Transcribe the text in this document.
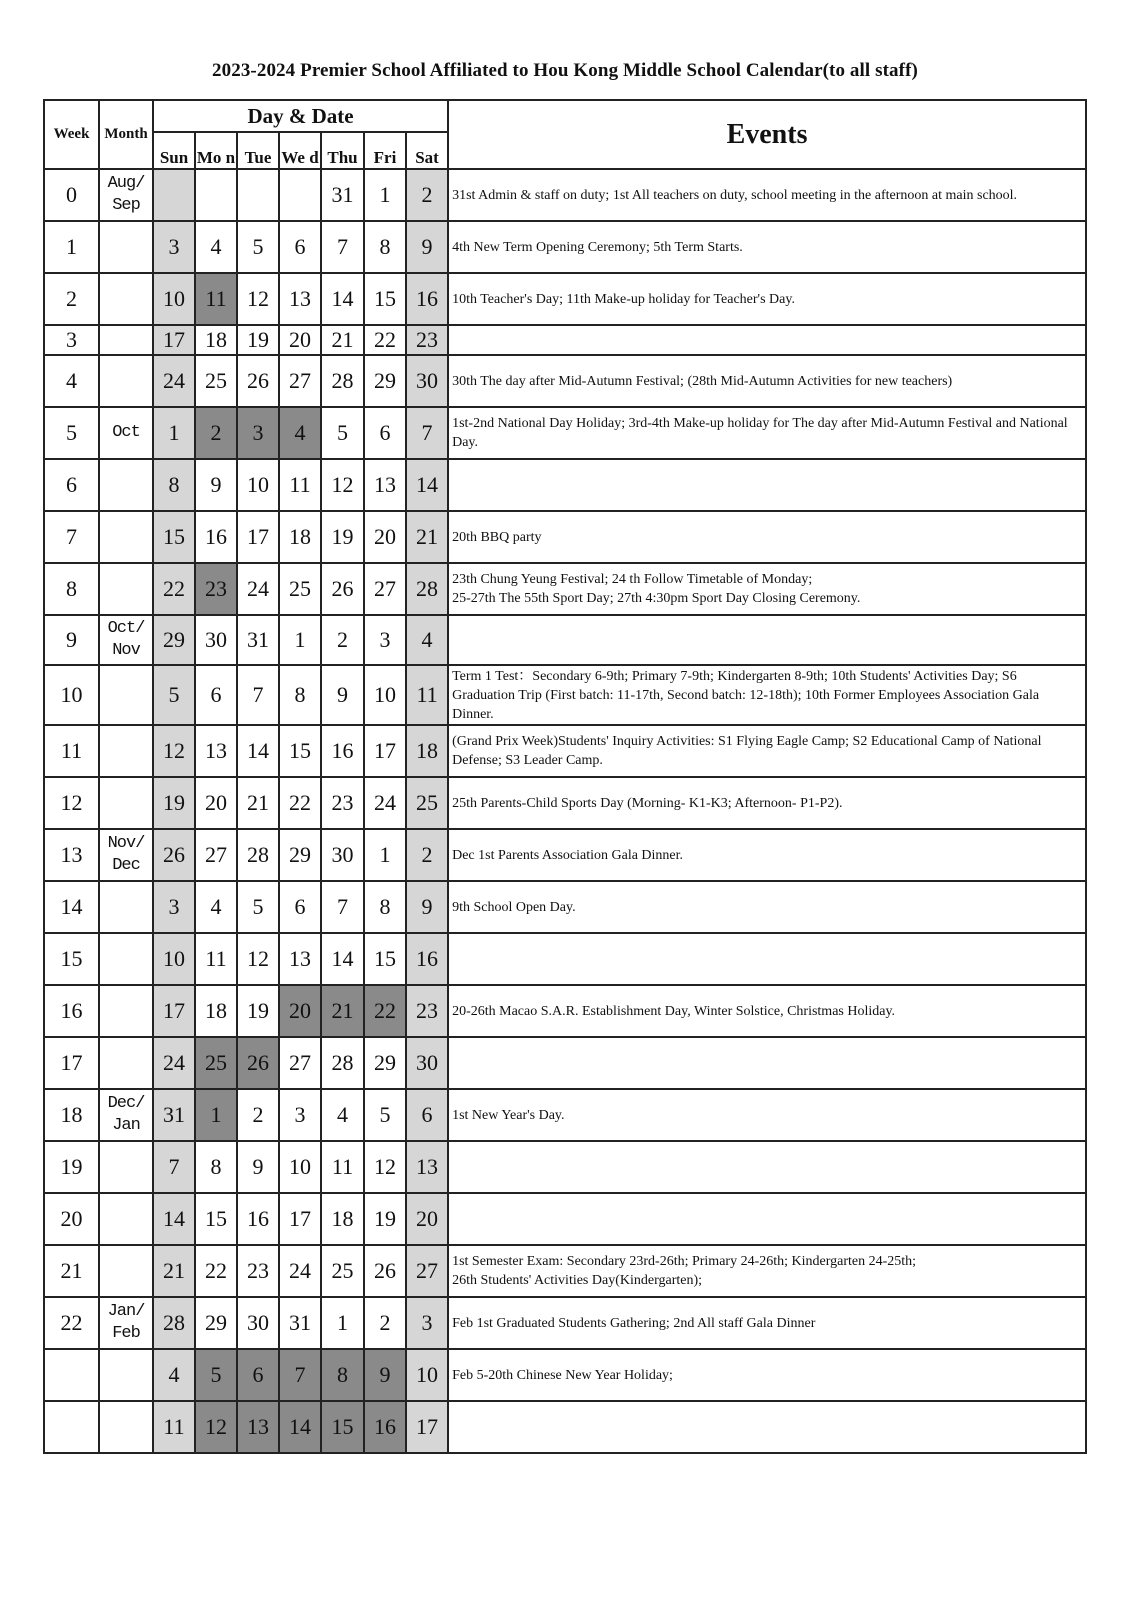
2023-2024 Premier School Affiliated to Hou Kong Middle School Calendar(to all staff)
Week	Month	Day & Date							Events
		Sun	Mo n	Tue	We d	Thu	Fri	Sat	
0	Aug/ Sep					31	1	2	31st Admin & staff on duty; 1st All teachers on duty, school meeting in the afternoon at main school.
1		3	4	5	6	7	8	9	4th New Term Opening Ceremony; 5th Term Starts.
2		10	11	12	13	14	15	16	10th Teacher's Day; 11th Make-up holiday for Teacher's Day.
3		17	18	19	20	21	22	23	
4		24	25	26	27	28	29	30	30th The day after Mid-Autumn Festival; (28th Mid-Autumn Activities for new teachers)
5	Oct	1	2	3	4	5	6	7	1st-2nd National Day Holiday; 3rd-4th Make-up holiday for The day after Mid-Autumn Festival and National Day.
6		8	9	10	11	12	13	14	
7		15	16	17	18	19	20	21	20th BBQ party
8		22	23	24	25	26	27	28	23th Chung Yeung Festival; 24 th Follow Timetable of Monday;
25-27th The 55th Sport Day; 27th 4:30pm Sport Day Closing Ceremony.
9	Oct/ Nov	29	30	31	1	2	3	4	
10		5	6	7	8	9	10	11	Term 1 Test：Secondary 6-9th; Primary 7-9th; Kindergarten 8-9th; 10th Students' Activities Day; S6 Graduation Trip (First batch: 11-17th, Second batch: 12-18th); 10th Former Employees Association Gala Dinner.
11		12	13	14	15	16	17	18	(Grand Prix Week)Students' Inquiry Activities: S1 Flying Eagle Camp; S2 Educational Camp of National Defense; S3 Leader Camp.
12		19	20	21	22	23	24	25	25th Parents-Child Sports Day (Morning- K1-K3; Afternoon- P1-P2).
13	Nov/ Dec	26	27	28	29	30	1	2	Dec 1st Parents Association Gala Dinner.
14		3	4	5	6	7	8	9	9th School Open Day.
15		10	11	12	13	14	15	16	
16		17	18	19	20	21	22	23	20-26th Macao S.A.R. Establishment Day, Winter Solstice, Christmas Holiday.
17		24	25	26	27	28	29	30	
18	Dec/ Jan	31	1	2	3	4	5	6	1st New Year's Day.
19		7	8	9	10	11	12	13	
20		14	15	16	17	18	19	20	
21		21	22	23	24	25	26	27	1st Semester Exam: Secondary 23rd-26th; Primary 24-26th; Kindergarten 24-25th;
26th Students' Activities Day(Kindergarten);
22	Jan/ Feb	28	29	30	31	1	2	3	Feb 1st Graduated Students Gathering; 2nd All staff Gala Dinner
		4	5	6	7	8	9	10	Feb 5-20th Chinese New Year Holiday;
		11	12	13	14	15	16	17	
